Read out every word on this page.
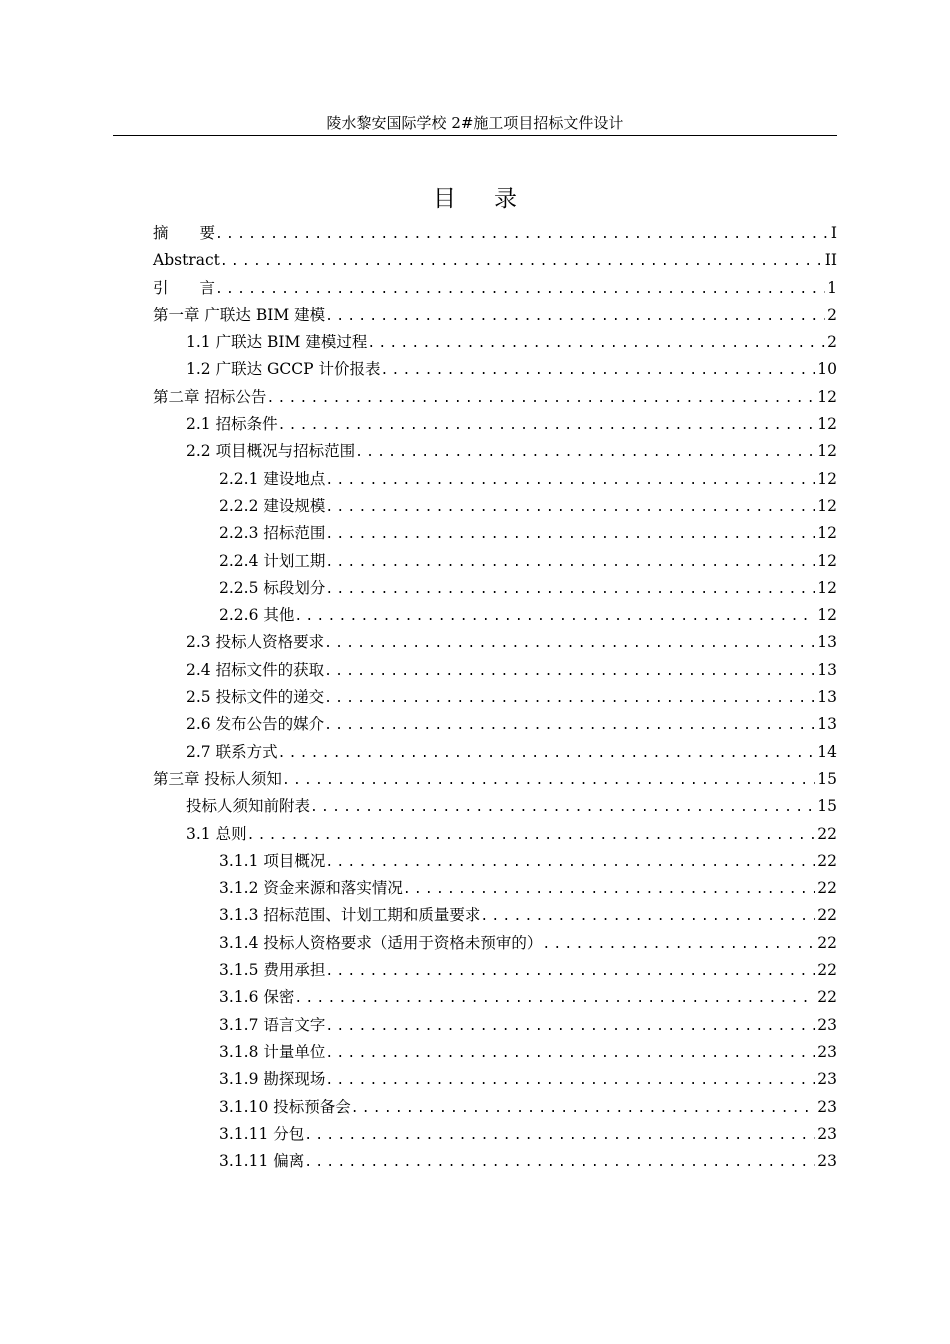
陵水黎安国际学校 2#施工项目招标文件设计
目录
摘　　要 .....	I
Abstract .....	II
引　　言 .....	1
第一章 广联达 BIM 建模 .....	2
1.1 广联达 BIM 建模过程 .....	2
1.2 广联达 GCCP 计价报表 .....	10
第二章 招标公告 .....	12
2.1 招标条件 .....	12
2.2 项目概况与招标范围 .....	12
2.2.1 建设地点 .....	12
2.2.2 建设规模 .....	12
2.2.3 招标范围 .....	12
2.2.4 计划工期 .....	12
2.2.5 标段划分 .....	12
2.2.6 其他 .....	12
2.3 投标人资格要求 .....	13
2.4 招标文件的获取 .....	13
2.5 投标文件的递交 .....	13
2.6 发布公告的媒介 .....	13
2.7 联系方式 .....	14
第三章 投标人须知 .....	15
投标人须知前附表 .....	15
3.1 总则 .....	22
3.1.1 项目概况 .....	22
3.1.2 资金来源和落实情况 .....	22
3.1.3 招标范围、计划工期和质量要求 .....	22
3.1.4 投标人资格要求（适用于资格未预审的） .....	22
3.1.5 费用承担 .....	22
3.1.6 保密 .....	22
3.1.7 语言文字 .....	23
3.1.8 计量单位 .....	23
3.1.9 勘探现场 .....	23
3.1.10 投标预备会 .....	23
3.1.11 分包 .....	23
3.1.11 偏离 .....	23
